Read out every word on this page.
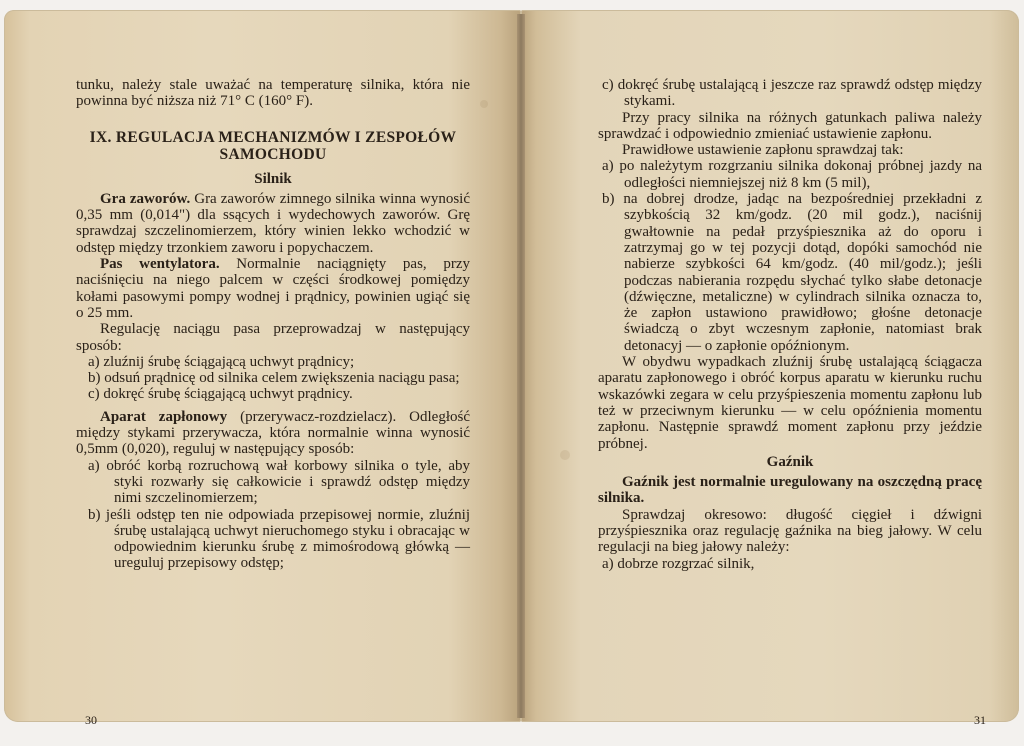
tunku, należy stale uważać na temperaturę silnika, która nie powinna być niższa niż 71° C (160° F).

IX. REGULACJA MECHANIZMÓW I ZESPOŁÓW
SAMOCHODU

Silnik

Gra zaworów. Gra zaworów zimnego silnika winna wynosić 0,35 mm (0,014") dla ssących i wydechowych zaworów. Grę sprawdzaj szczelinomierzem, który winien lekko wchodzić w odstęp między trzonkiem zaworu i popychaczem.

Pas wentylatora. Normalnie naciągnięty pas, przy naciśnięciu na niego palcem w części środkowej pomiędzy kołami pasowymi pompy wodnej i prądnicy, powinien ugiąć się o 25 mm.

Regulację naciągu pasa przeprowadzaj w następujący sposób:

a) zluźnij śrubę ściągającą uchwyt prądnicy;

b) odsuń prądnicę od silnika celem zwiększenia naciągu pasa;

c) dokręć śrubę ściągającą uchwyt prądnicy.

Aparat zapłonowy (przerywacz-rozdzielacz). Odległość między stykami przerywacza, która normalnie winna wynosić 0,5mm (0,020), reguluj w następujący sposób:

a) obróć korbą rozruchową wał korbowy silnika o tyle, aby styki rozwarły się całkowicie i sprawdź odstęp między nimi szczelinomierzem;

b) jeśli odstęp ten nie odpowiada przepisowej normie, zluźnij śrubę ustalającą uchwyt nieruchomego styku i obracając w odpowiednim kierunku śrubę z mimośrodową główką — ureguluj przepisowy odstęp;

30

c) dokręć śrubę ustalającą i jeszcze raz sprawdź odstęp między stykami.

Przy pracy silnika na różnych gatunkach paliwa należy sprawdzać i odpowiednio zmieniać ustawienie zapłonu.

Prawidłowe ustawienie zapłonu sprawdzaj tak:

a) po należytym rozgrzaniu silnika dokonaj próbnej jazdy na odległości niemniejszej niż 8 km (5 mil),

b) na dobrej drodze, jadąc na bezpośredniej przekładni z szybkością 32 km/godz. (20 mil godz.), naciśnij gwałtownie na pedał przyśpiesznika aż do oporu i zatrzymaj go w tej pozycji dotąd, dopóki samochód nie nabierze szybkości 64 km/godz. (40 mil/godz.); jeśli podczas nabierania rozpędu słychać tylko słabe detonacje (dźwięczne, metaliczne) w cylindrach silnika oznacza to, że zapłon ustawiono prawidłowo; głośne detonacje świadczą o zbyt wczesnym zapłonie, natomiast brak detonacyj — o zapłonie opóźnionym.

W obydwu wypadkach zluźnij śrubę ustalającą ściągacza aparatu zapłonowego i obróć korpus aparatu w kierunku ruchu wskazówki zegara w celu przyśpieszenia momentu zapłonu lub też w przeciwnym kierunku — w celu opóźnienia momentu zapłonu. Następnie sprawdź moment zapłonu przy jeździe próbnej.

Gaźnik

Gaźnik jest normalnie uregulowany na oszczędną pracę silnika.

Sprawdzaj okresowo: długość cięgieł i dźwigni przyśpiesznika oraz regulację gaźnika na bieg jałowy. W celu regulacji na bieg jałowy należy:

a) dobrze rozgrzać silnik,

31
